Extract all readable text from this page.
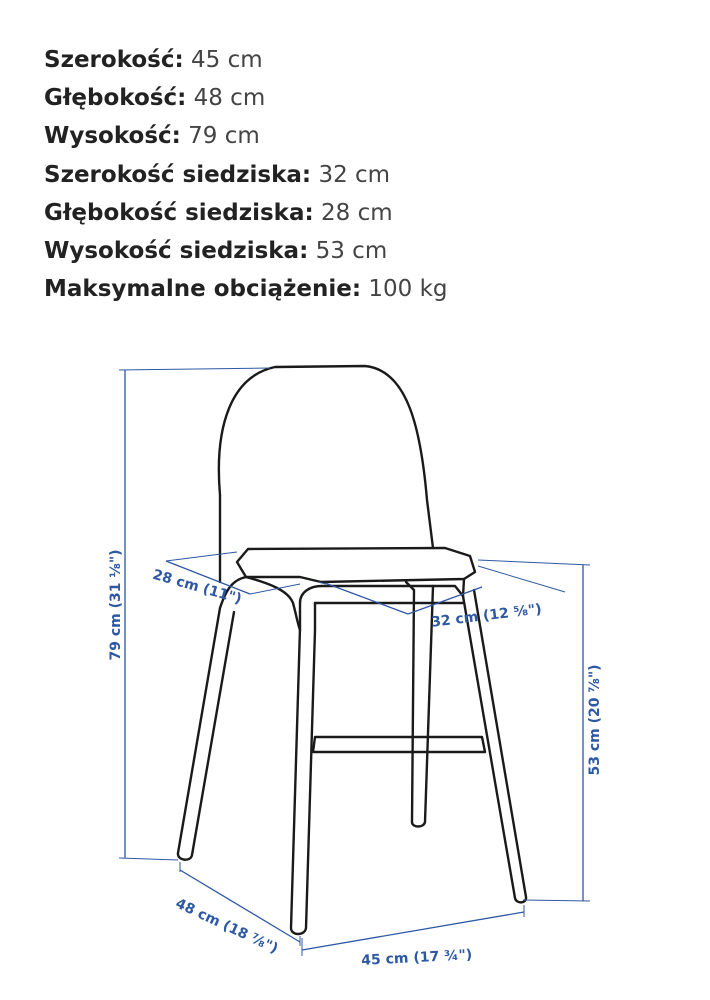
Szerokość: 45 cm
Głębokość: 48 cm
Wysokość: 79 cm
Szerokość siedziska: 32 cm
Głębokość siedziska: 28 cm
Wysokość siedziska: 53 cm
Maksymalne obciążenie: 100 kg
79 cm (31 ⅛") 28 cm (11")
32 cm (12 ⅝")
53 cm (20 ⅞")
48 cm (18 ⅞")
45 cm (17 ¾")
